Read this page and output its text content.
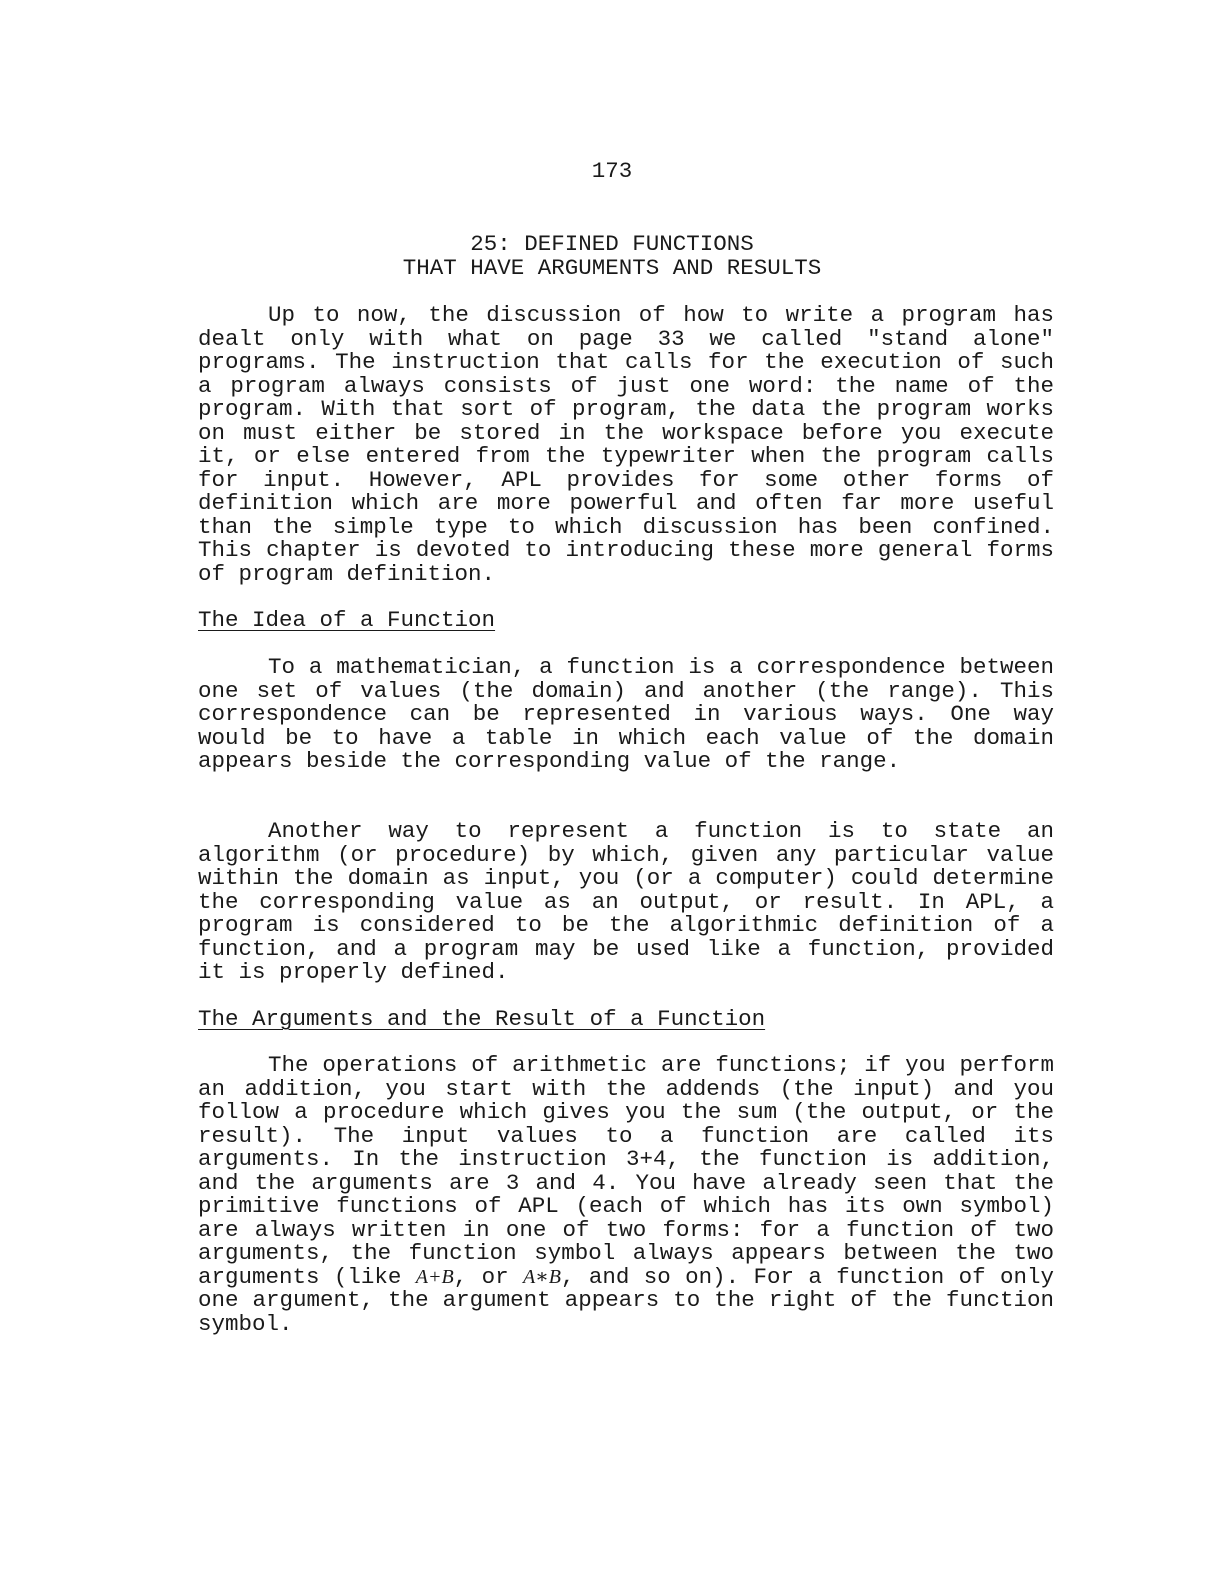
173
25: DEFINED FUNCTIONS
THAT HAVE ARGUMENTS AND RESULTS

Up to now, the discussion of how to write a program has dealt only with what on page 33 we called "stand alone" programs. The instruction that calls for the execution of such a program always consists of just one word: the name of the program. With that sort of program, the data the program works on must either be stored in the workspace before you execute it, or else entered from the typewriter when the program calls for input. However, APL provides for some other forms of definition which are more powerful and often far more useful than the simple type to which discussion has been confined. This chapter is devoted to introducing these more general forms of program definition.

The Idea of a Function

To a mathematician, a function is a correspondence between one set of values (the domain) and another (the range). This correspondence can be represented in various ways. One way would be to have a table in which each value of the domain appears beside the corresponding value of the range.

Another way to represent a function is to state an algorithm (or procedure) by which, given any particular value within the domain as input, you (or a computer) could determine the corresponding value as an output, or result. In APL, a program is considered to be the algorithmic definition of a function, and a program may be used like a function, provided it is properly defined.

The Arguments and the Result of a Function

The operations of arithmetic are functions; if you perform an addition, you start with the addends (the input) and you follow a procedure which gives you the sum (the output, or the result). The input values to a function are called its arguments. In the instruction 3+4, the function is addition, and the arguments are 3 and 4. You have already seen that the primitive functions of APL (each of which has its own symbol) are always written in one of two forms: for a function of two arguments, the function symbol always appears between the two arguments (like A+B, or A∗B, and so on). For a function of only one argument, the argument appears to the right of the function symbol.
